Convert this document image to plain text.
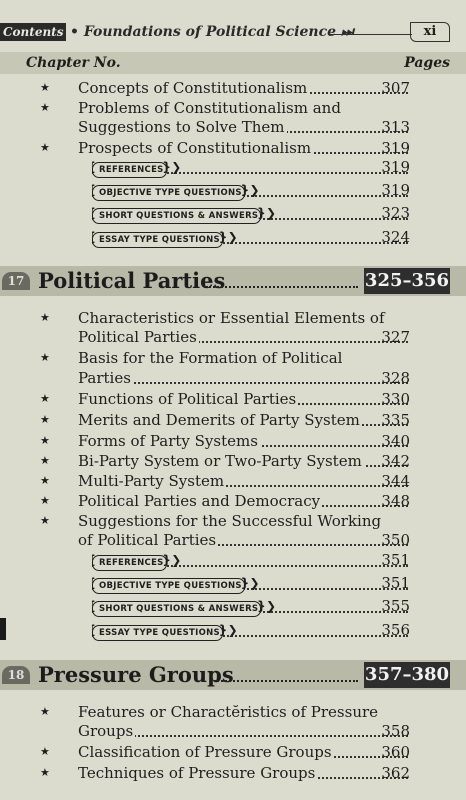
Contents • Foundations of Political Science ⏭	xi
Chapter No.	Pages
★ Concepts of Constitutionalism	307
★ Problems of Constitutionalism and
Suggestions to Solve Them	313
★ Prospects of Constitutionalism	319
❮{ REFERENCES }❯	319
❮{ OBJECTIVE TYPE QUESTIONS }❯	319
❮{ SHORT QUESTIONS & ANSWERS }❯	323
❮{ ESSAY TYPE QUESTIONS }❯	324
17 Political Parties	325–356
★ Characteristics or Essential Elements of
Political Parties	327
★ Basis for the Formation of Political
Parties	328
★ Functions of Political Parties	330
★ Merits and Demerits of Party System	335
★ Forms of Party Systems	340
★ Bi-Party System or Two-Party System	342
★ Multi-Party System	344
★ Political Parties and Democracy	348
★ Suggestions for the Successful Working
of Political Parties	350
❮{ REFERENCES }❯	351
❮{ OBJECTIVE TYPE QUESTIONS }❯	351
❮{ SHORT QUESTIONS & ANSWERS }❯	355
❮{ ESSAY TYPE QUESTIONS }❯	356
18 Pressure Groups	357–380
★ Features or Charactĕristics of Pressure
Groups	358
★ Classification of Pressure Groups	360
★ Techniques of Pressure Groups	362
